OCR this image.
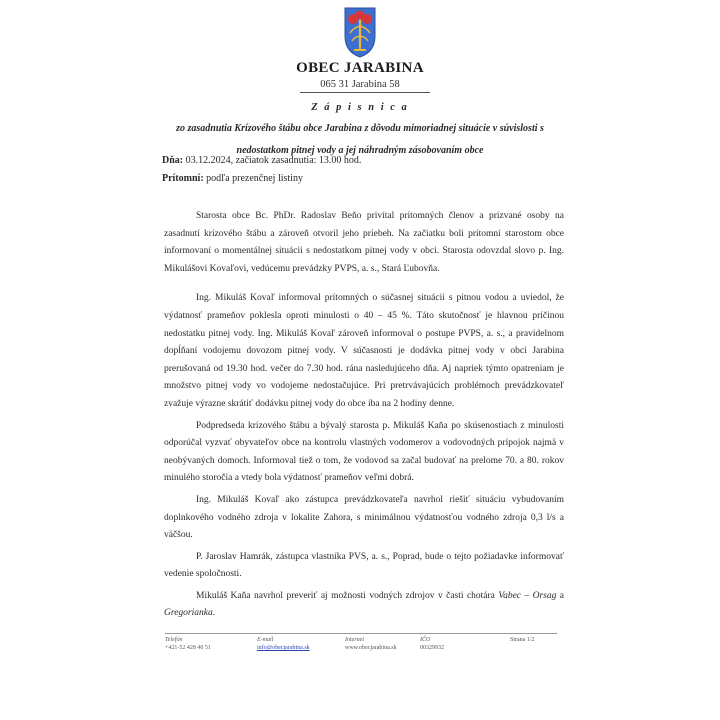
OBEC JARABINA
065 31 Jarabina 58
Z á p i s n i c a
zo zasadnutia Krízového štábu obce Jarabina z dôvodu mimoriadnej situácie v súvislosti s nedostatkom pitnej vody a jej náhradným zásobovaním obce
Dňa: 03.12.2024, začiatok zasadnutia: 13.00 hod.
Prítomní: podľa prezenčnej listiny

Starosta obce Bc. PhDr. Radoslav Beňo privítal prítomných členov a prizvané osoby na zasadnutí krízového štábu a zároveň otvoril jeho priebeh. Na začiatku boli prítomní starostom obce informovaní o momentálnej situácii s nedostatkom pitnej vody v obci. Starosta odovzdal slovo p. Ing. Mikulášovi Kovaľovi, vedúcemu prevádzky PVPS, a. s., Stará Ľubovňa.

Ing. Mikuláš Kovaľ informoval prítomných o súčasnej situácii s pitnou vodou a uviedol, že výdatnosť prameňov poklesla oproti minulosti o 40 – 45 %. Táto skutočnosť je hlavnou príčinou nedostatku pitnej vody. Ing. Mikuláš Kovaľ zároveň informoval o postupe PVPS, a. s., a pravidelnom dopĺňaní vodojemu dovozom pitnej vody. V súčasnosti je dodávka pitnej vody v obci Jarabina prerušovaná od 19.30 hod. večer do 7.30 hod. rána nasledujúceho dňa. Aj napriek týmto opatreniam je množstvo pitnej vody vo vodojeme nedostačujúce. Pri pretrvávajúcich problémoch prevádzkovateľ zvažuje výrazne skrátiť dodávku pitnej vody do obce iba na 2 hodiny denne.

Podpredseda krízového štábu a bývalý starosta p. Mikuláš Kaňa po skúsenostiach z minulosti odporúčal vyzvať obyvateľov obce na kontrolu vlastných vodomerov a vodovodných prípojok najmä v neobývaných domoch. Informoval tiež o tom, že vodovod sa začal budovať na prelome 70. a 80. rokov minulého storočia a vtedy bola výdatnosť prameňov veľmi dobrá.

Ing. Mikuláš Kovaľ ako zástupca prevádzkovateľa navrhol riešiť situáciu vybudovaním doplnkového vodného zdroja v lokalite Zahora, s minimálnou výdatnosťou vodného zdroja 0,3 l/s a väčšou.

P. Jaroslav Hamrák, zástupca vlastníka PVS, a. s., Poprad, bude o tejto požiadavke informovať vedenie spoločnosti.

Mikuláš Kaňa navrhol preveriť aj možnosti vodných zdrojov v časti chotára Vabec – Orsag a Gregorianka.

Telefón
+421-52 428 40 51
E-mail
info@obecjarabina.sk
Internet
www.obecjarabina.sk
IČO
00329932
Strana 1/2
